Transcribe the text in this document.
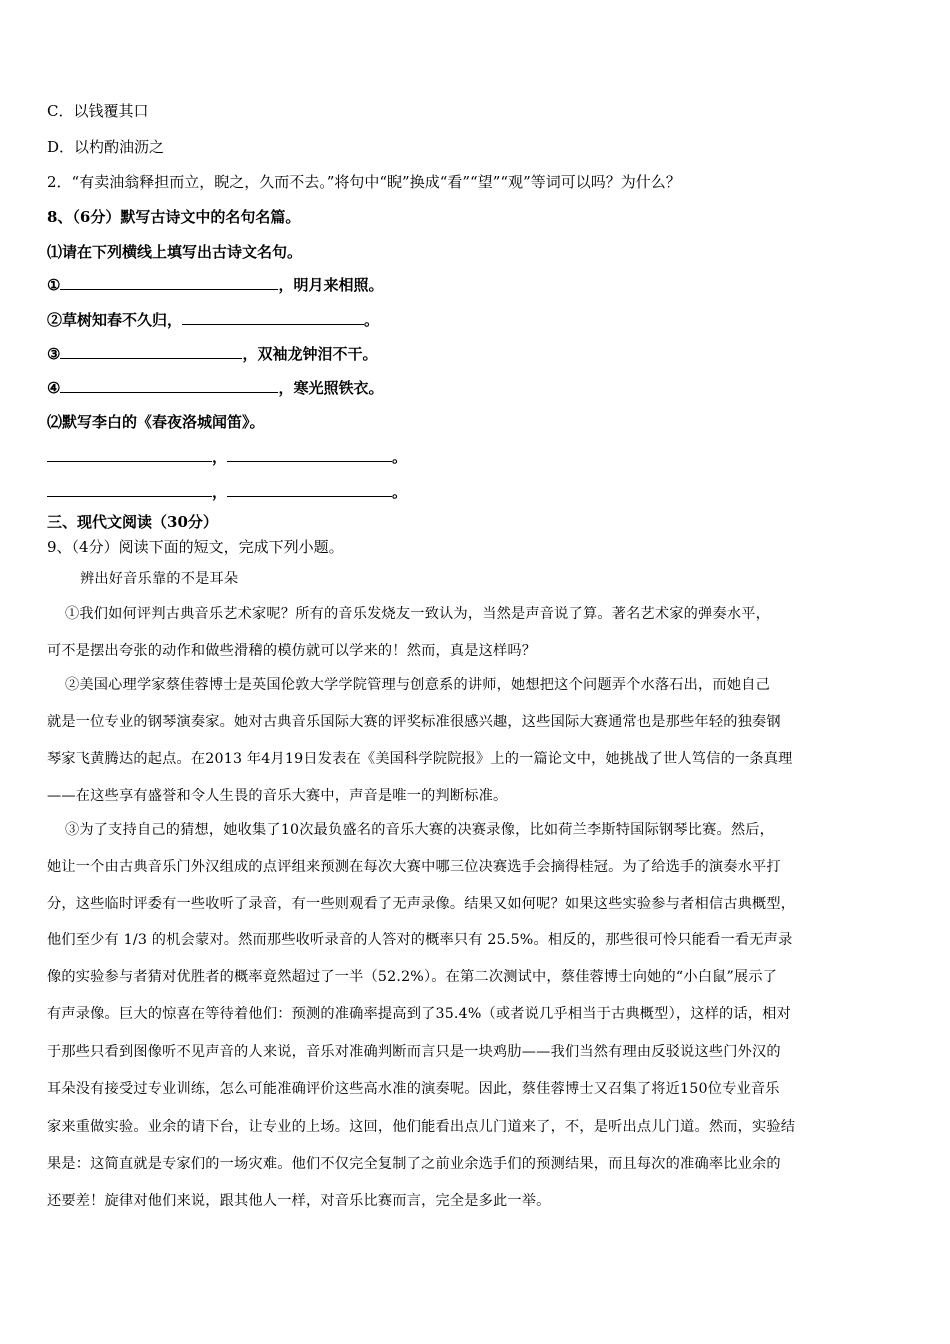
C．以钱覆其口
D．以杓酌油沥之
2．“有卖油翁释担而立，睨之，久而不去。”将句中“睨”换成“看”“望”“观”等词可以吗？为什么？
8、（6分）默写古诗文中的名句名篇。
⑴请在下列横线上填写出古诗文名句。
①	，明月来相照。
②草树知春不久归，	。
③	，双袖龙钟泪不干。
④	，寒光照铁衣。
⑵默写李白的《春夜洛城闻笛》。
，	。
，	。
三、现代文阅读（30分）
9、（4分）阅读下面的短文，完成下列小题。
辨出好音乐靠的不是耳朵
①我们如何评判古典音乐艺术家呢？所有的音乐发烧友一致认为，当然是声音说了算。著名艺术家的弹奏水平，
可不是摆出夸张的动作和做些滑稽的模仿就可以学来的！然而，真是这样吗？
②美国心理学家蔡佳蓉博士是英国伦敦大学学院管理与创意系的讲师，她想把这个问题弄个水落石出，而她自己
就是一位专业的钢琴演奏家。她对古典音乐国际大赛的评奖标准很感兴趣，这些国际大赛通常也是那些年轻的独奏钢
琴家飞黄腾达的起点。在2013 年4月19日发表在《美国科学院院报》上的一篇论文中，她挑战了世人笃信的一条真理
——在这些享有盛誉和令人生畏的音乐大赛中，声音是唯一的判断标准。
③为了支持自己的猜想，她收集了10次最负盛名的音乐大赛的决赛录像，比如荷兰李斯特国际钢琴比赛。然后，
她让一个由古典音乐门外汉组成的点评组来预测在每次大赛中哪三位决赛选手会摘得桂冠。为了给选手的演奏水平打
分，这些临时评委有一些收听了录音，有一些则观看了无声录像。结果又如何呢？如果这些实验参与者相信古典概型，
他们至少有 1/3 的机会蒙对。然而那些收听录音的人答对的概率只有 25.5%。相反的，那些很可怜只能看一看无声录
像的实验参与者猜对优胜者的概率竟然超过了一半（52.2%）。在第二次测试中，蔡佳蓉博士向她的“小白鼠”展示了
有声录像。巨大的惊喜在等待着他们：预测的准确率提高到了35.4%（或者说几乎相当于古典概型），这样的话，相对
于那些只看到图像听不见声音的人来说，音乐对准确判断而言只是一块鸡肋——我们当然有理由反驳说这些门外汉的
耳朵没有接受过专业训练，怎么可能准确评价这些高水准的演奏呢。因此，蔡佳蓉博士又召集了将近150位专业音乐
家来重做实验。业余的请下台，让专业的上场。这回，他们能看出点儿门道来了，不，是听出点儿门道。然而，实验结
果是：这简直就是专家们的一场灾难。他们不仅完全复制了之前业余选手们的预测结果，而且每次的准确率比业余的
还要差！旋律对他们来说，跟其他人一样，对音乐比赛而言，完全是多此一举。
